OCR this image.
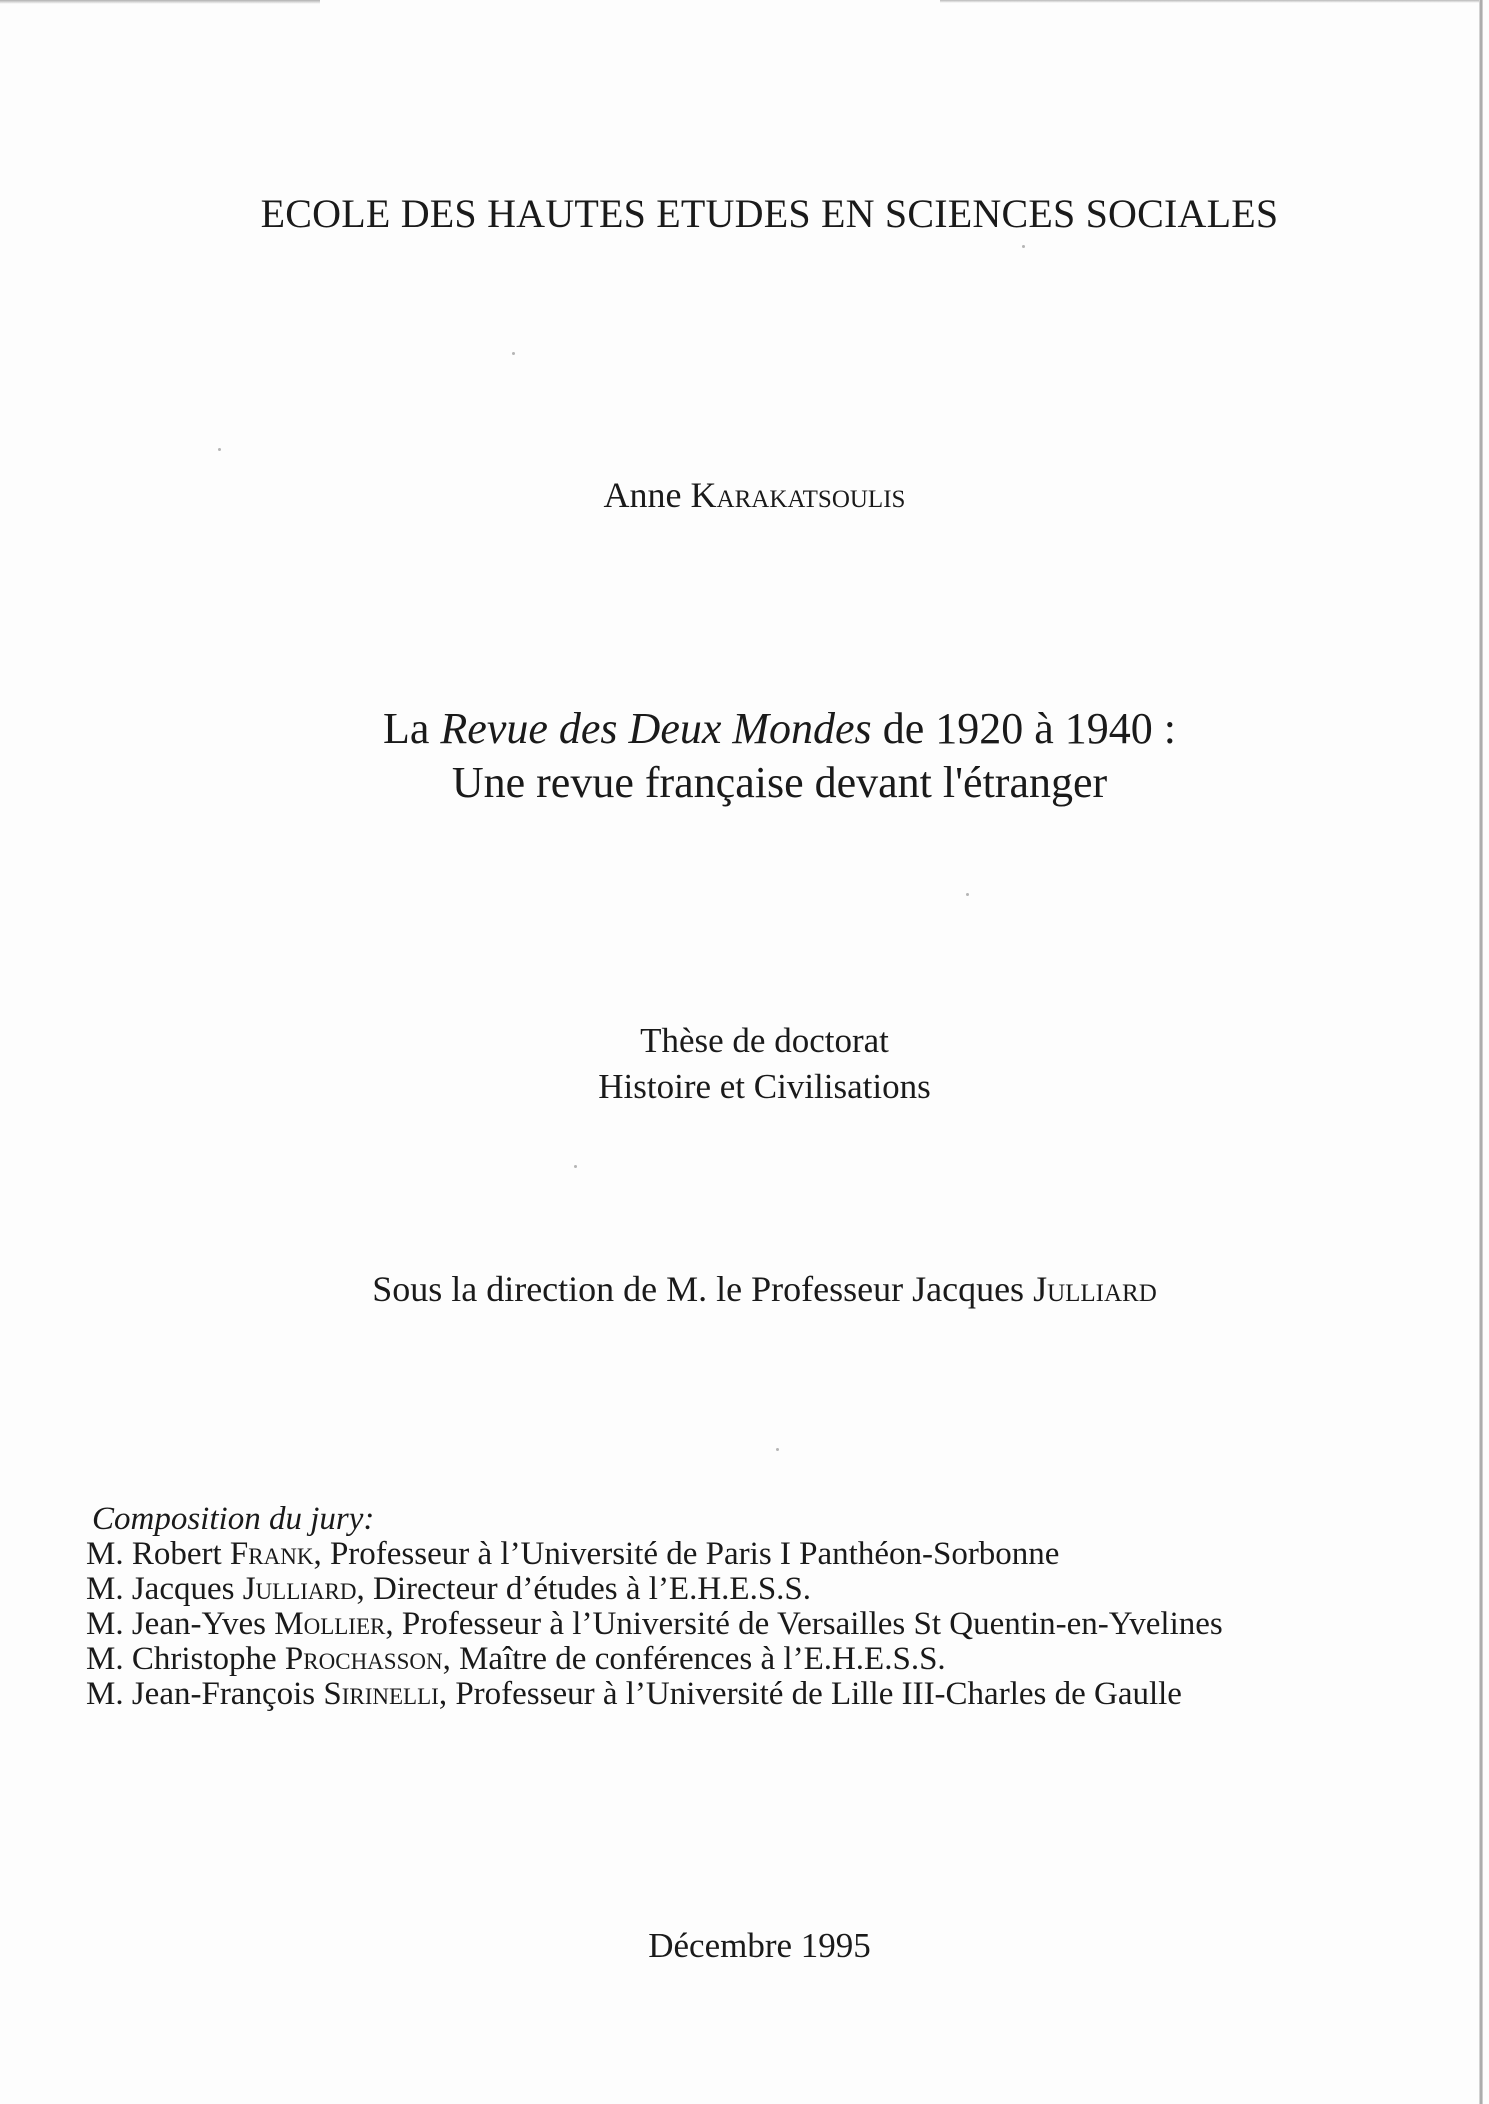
ECOLE DES HAUTES ETUDES EN SCIENCES SOCIALES
Anne Karakatsoulis
La Revue des Deux Mondes de 1920 à 1940 :
Une revue française devant l'étranger
Thèse de doctorat
Histoire et Civilisations
Sous la direction de M. le Professeur Jacques Julliard
Composition du jury:
M. Robert Frank, Professeur à l’Université de Paris I Panthéon-Sorbonne
M. Jacques Julliard, Directeur d’études à l’E.H.E.S.S.
M. Jean-Yves Mollier, Professeur à l’Université de Versailles St Quentin-en-Yvelines
M. Christophe Prochasson, Maître de conférences à l’E.H.E.S.S.
M. Jean-François Sirinelli, Professeur à l’Université de Lille III-Charles de Gaulle
Décembre 1995
